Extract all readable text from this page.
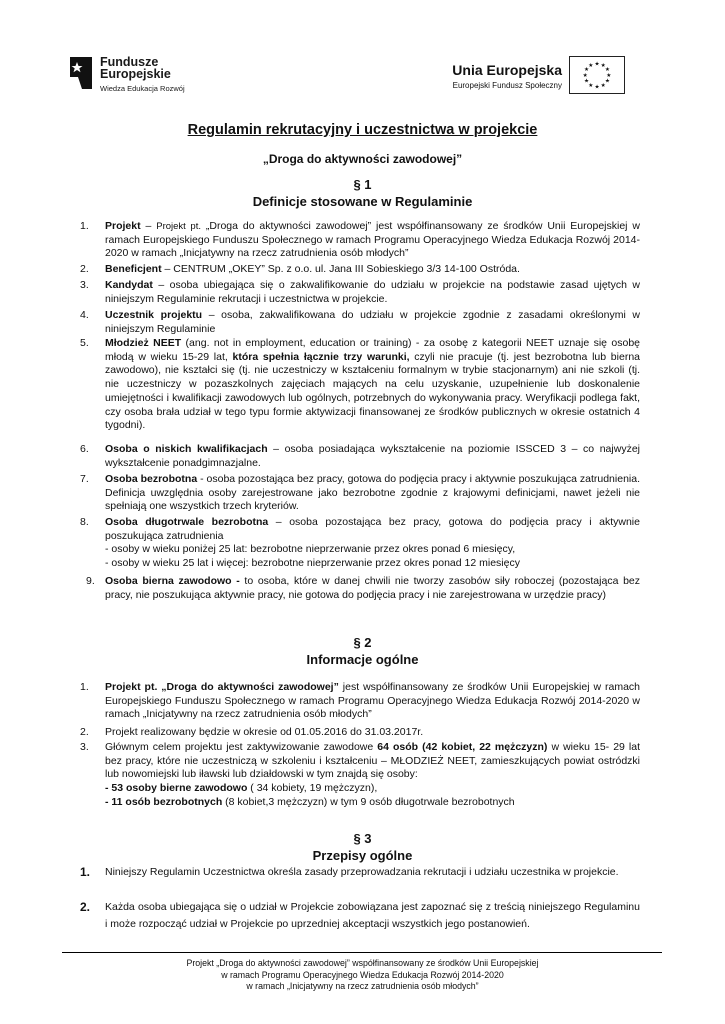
Fundusze
Europejskie
Wiedza Edukacja Rozwój
Unia Europejska
Europejski Fundusz Społeczny
★ ★
★
★
★
★
★
★
★
★
★
★
Regulamin rekrutacyjny i uczestnictwa w projekcie
„Droga do aktywności zawodowej”
§ 1
Definicje stosowane w Regulaminie
1. Projekt – Projekt pt. „Droga do aktywności zawodowej” jest współfinansowany ze środków Unii Europejskiej w ramach Europejskiego Funduszu Społecznego w ramach Programu Operacyjnego Wiedza Edukacja Rozwój 2014-2020 w ramach „Inicjatywny na rzecz zatrudnienia osób młodych”
2. Beneficjent – CENTRUM „OKEY” Sp. z o.o. ul. Jana III Sobieskiego 3/3 14-100 Ostróda.
3. Kandydat – osoba ubiegająca się o zakwalifikowanie do udziału w projekcie na podstawie zasad ujętych w niniejszym Regulaminie rekrutacji i uczestnictwa w projekcie.
4. Uczestnik projektu – osoba, zakwalifikowana do udziału w projekcie zgodnie z zasadami określonymi w niniejszym Regulaminie
5. Młodzież NEET (ang. not in employment, education or training) - za osobę z kategorii NEET uznaje się osobę młodą w wieku 15-29 lat, która spełnia łącznie trzy warunki, czyli nie pracuje (tj. jest bezrobotna lub bierna zawodowo), nie kształci się (tj. nie uczestniczy w kształceniu formalnym w trybie stacjonarnym) ani nie szkoli (tj. nie uczestniczy w pozaszkolnych zajęciach mających na celu uzyskanie, uzupełnienie lub doskonalenie umiejętności i kwalifikacji zawodowych lub ogólnych, potrzebnych do wykonywania pracy. Weryfikacji podlega fakt, czy osoba brała udział w tego typu formie aktywizacji finansowanej ze środków publicznych w okresie ostatnich 4 tygodni).
6. Osoba o niskich kwalifikacjach – osoba posiadająca wykształcenie na poziomie ISSCED 3 – co najwyżej wykształcenie ponadgimnazjalne.
7. Osoba bezrobotna - osoba pozostająca bez pracy, gotowa do podjęcia pracy i aktywnie poszukująca zatrudnienia. Definicja uwzględnia osoby zarejestrowane jako bezrobotne zgodnie z krajowymi definicjami, nawet jeżeli nie spełniają one wszystkich trzech kryteriów.
8. Osoba długotrwale bezrobotna – osoba pozostająca bez pracy, gotowa do podjęcia pracy i aktywnie poszukująca zatrudnienia
- osoby w wieku poniżej 25 lat: bezrobotne nieprzerwanie przez okres ponad 6 miesięcy,
- osoby w wieku 25 lat i więcej: bezrobotne nieprzerwanie przez okres ponad 12 miesięcy
9. Osoba bierna zawodowo - to osoba, które w danej chwili nie tworzy zasobów siły roboczej (pozostająca bez pracy, nie poszukująca aktywnie pracy, nie gotowa do podjęcia pracy i nie zarejestrowana w urzędzie pracy)
§ 2
Informacje ogólne
1. Projekt pt. „Droga do aktywności zawodowej” jest współfinansowany ze środków Unii Europejskiej w ramach Europejskiego Funduszu Społecznego w ramach Programu Operacyjnego Wiedza Edukacja Rozwój 2014-2020 w ramach „Inicjatywny na rzecz zatrudnienia osób młodych”
2. Projekt realizowany będzie w okresie od 01.05.2016 do 31.03.2017r.
3. Głównym celem projektu jest zaktywizowanie zawodowe 64 osób (42 kobiet, 22 mężczyzn) w wieku 15- 29 lat bez pracy, które nie uczestniczą w szkoleniu i kształceniu – MŁODZIEŻ NEET, zamieszkujących powiat ostródzki lub nowomiejski lub iławski lub działdowski w tym znajdą się osoby:
- 53 osoby bierne zawodowo ( 34 kobiety, 19 mężczyzn),
- 11 osób bezrobotnych (8 kobiet,3 mężczyzn) w tym 9 osób długotrwale bezrobotnych
§ 3
Przepisy ogólne
1. Niniejszy Regulamin Uczestnictwa określa zasady przeprowadzania rekrutacji i udziału uczestnika w projekcie.
2. Każda osoba ubiegająca się o udział w Projekcie zobowiązana jest zapoznać się z treścią niniejszego Regulaminu i może rozpocząć udział w Projekcie po uprzedniej akceptacji wszystkich jego postanowień.
Projekt „Droga do aktywności zawodowej” współfinansowany ze środków Unii Europejskiej
w ramach Programu Operacyjnego Wiedza Edukacja Rozwój 2014-2020
w ramach „Inicjatywny na rzecz zatrudnienia osób młodych”
